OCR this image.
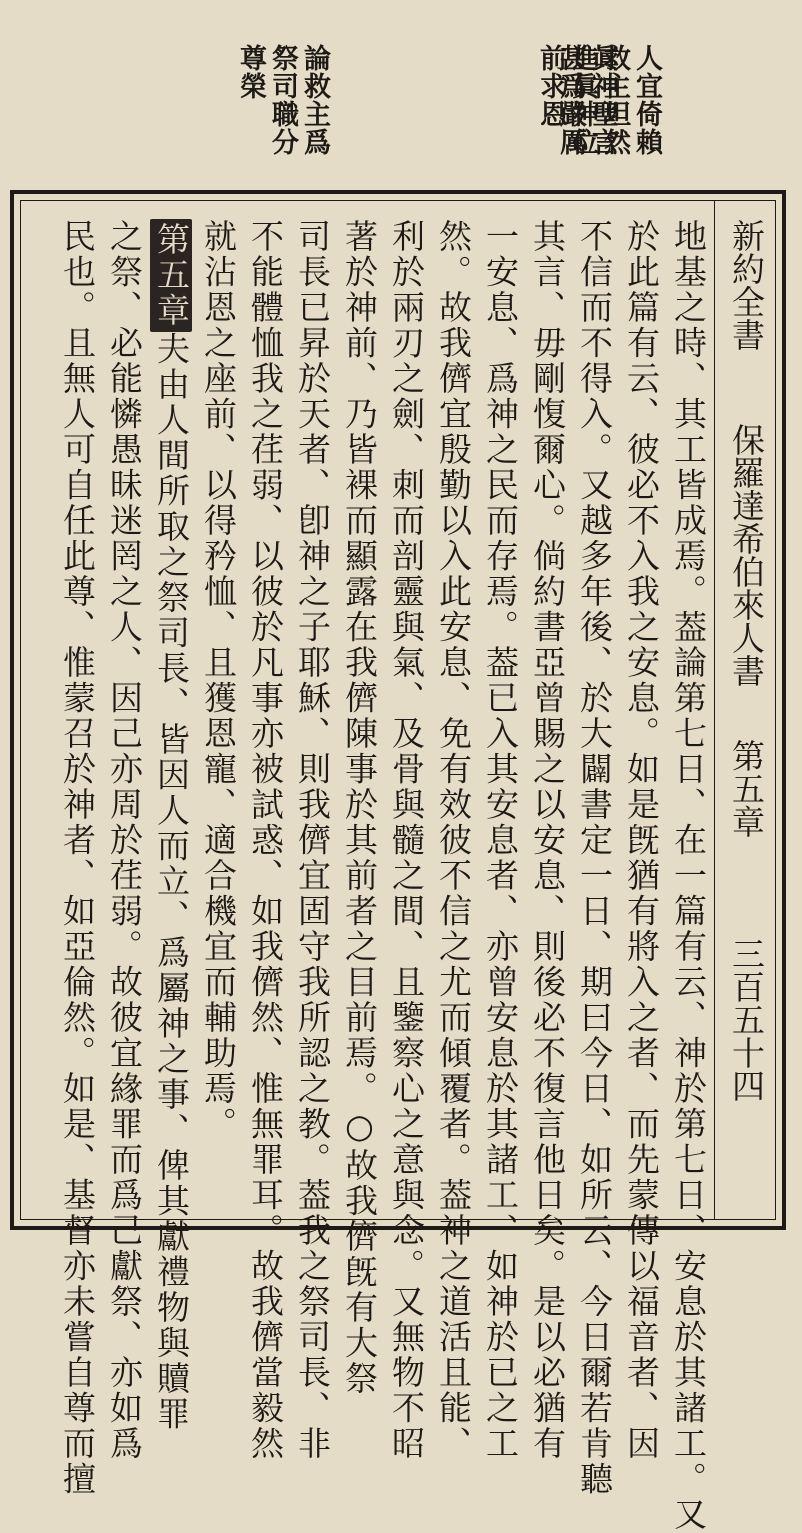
眞神聖言
甚爲嚴厲 人宜倚賴
救主坦然
進眞神位
前求恩
論救主爲
祭司職分
尊榮
新約全書
保羅達希伯來人書
第五章
三百五十四
地基之時、其工皆成焉。葢論第七日、在一篇有云、神於第七日、安息於其諸工。又
於此篇有云、彼必不入我之安息。如是旣猶有將入之者、而先蒙傳以福音者、因
不信而不得入。又越多年後、於大闢書定一日、期曰今日、如所云、今日爾若肯聽
其言、毋剛愎爾心。倘約書亞曾賜之以安息、則後必不復言他日矣。是以必猶有
一安息、爲神之民而存焉。葢已入其安息者、亦曾安息於其諸工、如神於已之工
然。故我儕宜殷勤以入此安息、免有效彼不信之尤而傾覆者。葢神之道活且能、
利於兩刃之劍、刺而剖靈與氣、及骨與髓之間、且鑒察心之意與念。又無物不昭
著於神前、乃皆裸而顯露在我儕陳事於其前者之目前焉。○故我儕旣有大祭
司長已昇於天者、卽神之子耶穌、則我儕宜固守我所認之教。葢我之祭司長、非
不能體恤我之荏弱、以彼於凡事亦被試惑、如我儕然、惟無罪耳。故我儕當毅然
就沾恩之座前、以得矜恤、且獲恩寵、適合機宜而輔助焉。
第五章夫由人間所取之祭司長、皆因人而立、爲屬神之事、俾其獻禮物與贖罪
之祭、必能憐愚昧迷罔之人、因己亦周於荏弱。故彼宜緣罪而爲己獻祭、亦如爲
民也。且無人可自任此尊、惟蒙召於神者、如亞倫然。如是、基督亦未嘗自尊而擅
